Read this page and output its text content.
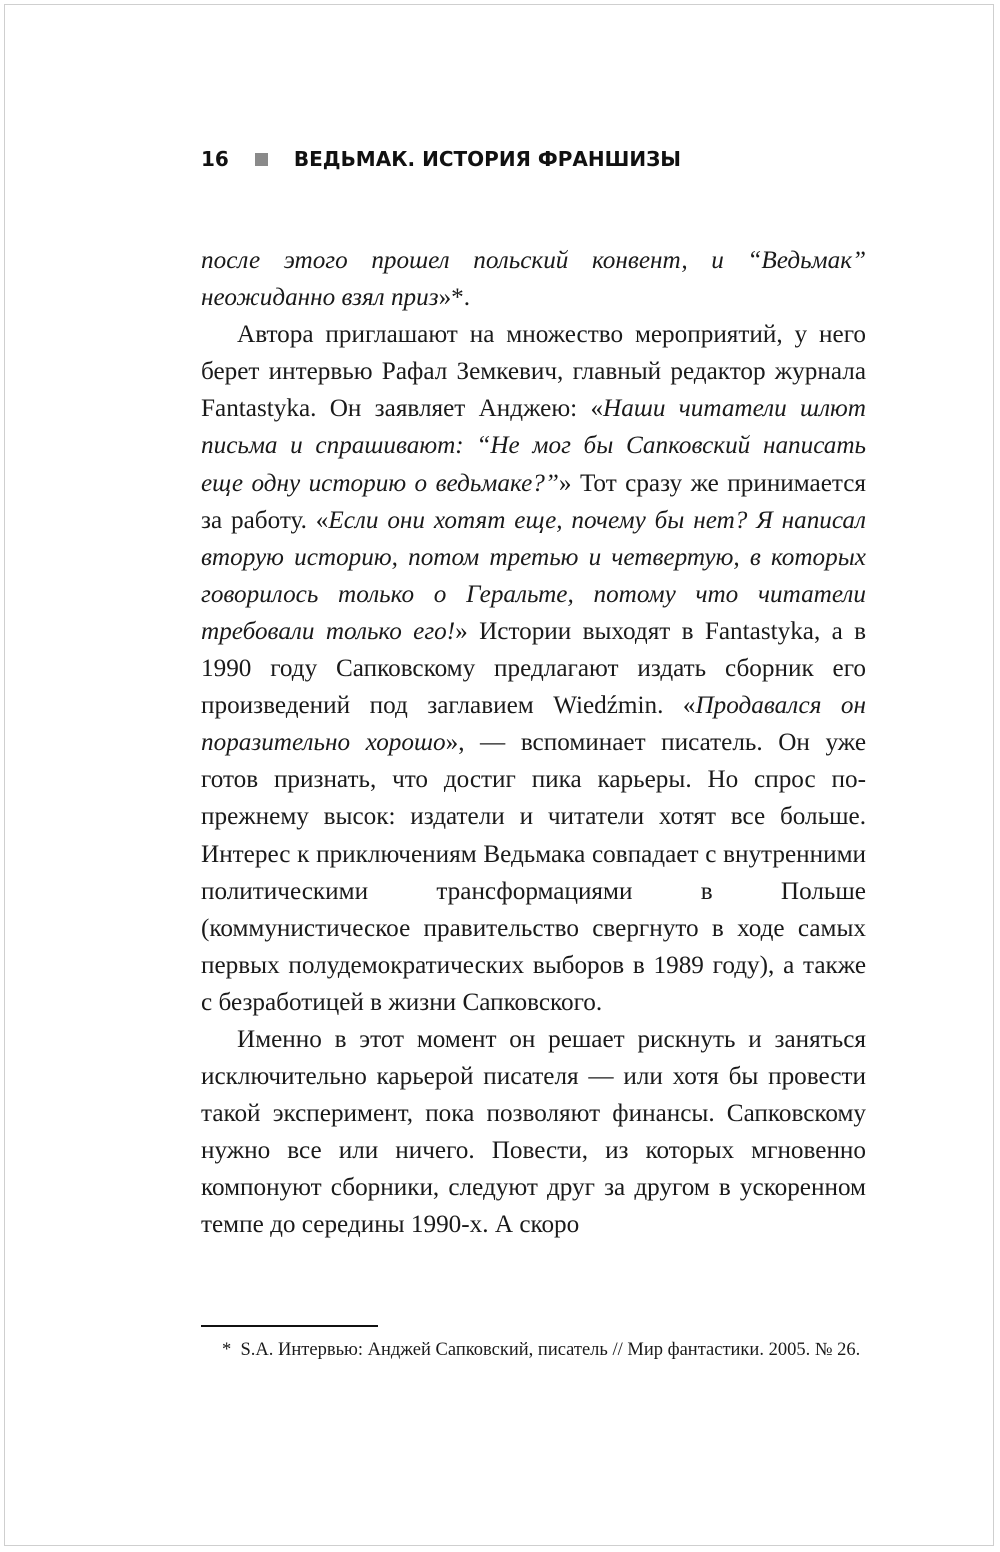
16	ВЕДЬМАК. ИСТОРИЯ ФРАНШИЗЫ

после этого прошел польский конвент, и “Ведьмак” неожиданно взял приз»*.

Автора приглашают на множество мероприятий, у него берет интервью Рафал Земкевич, главный редактор журнала Fantastyka. Он заявляет Анджею: «Наши читатели шлют письма и спрашивают: “Не мог бы Сапковский написать еще одну историю о ведьмаке?”» Тот сразу же принимается за работу. «Если они хотят еще, почему бы нет? Я написал вторую историю, потом третью и четвертую, в которых говорилось только о Геральте, потому что читатели требовали только его!» Истории выходят в Fantastyka, а в 1990 году Сапковскому предлагают издать сборник его произведений под заглавием Wiedźmin. «Продавался он поразительно хорошо», — вспоминает писатель. Он уже готов признать, что достиг пика карьеры. Но спрос по-прежнему высок: издатели и читатели хотят все больше. Интерес к приключениям Ведьмака совпадает с внутренними политическими трансформациями в Польше (коммунистическое правительство свергнуто в ходе самых первых полудемократических выборов в 1989 году), а также с безработицей в жизни Сапковского.

Именно в этот момент он решает рискнуть и заняться исключительно карьерой писателя — или хотя бы провести такой эксперимент, пока позволяют финансы. Сапковскому нужно все или ничего. Повести, из которых мгновенно компонуют сборники, следуют друг за другом в ускоренном темпе до середины 1990-х. А скоро

* S.A. Интервью: Анджей Сапковский, писатель // Мир фантастики. 2005. № 26.
